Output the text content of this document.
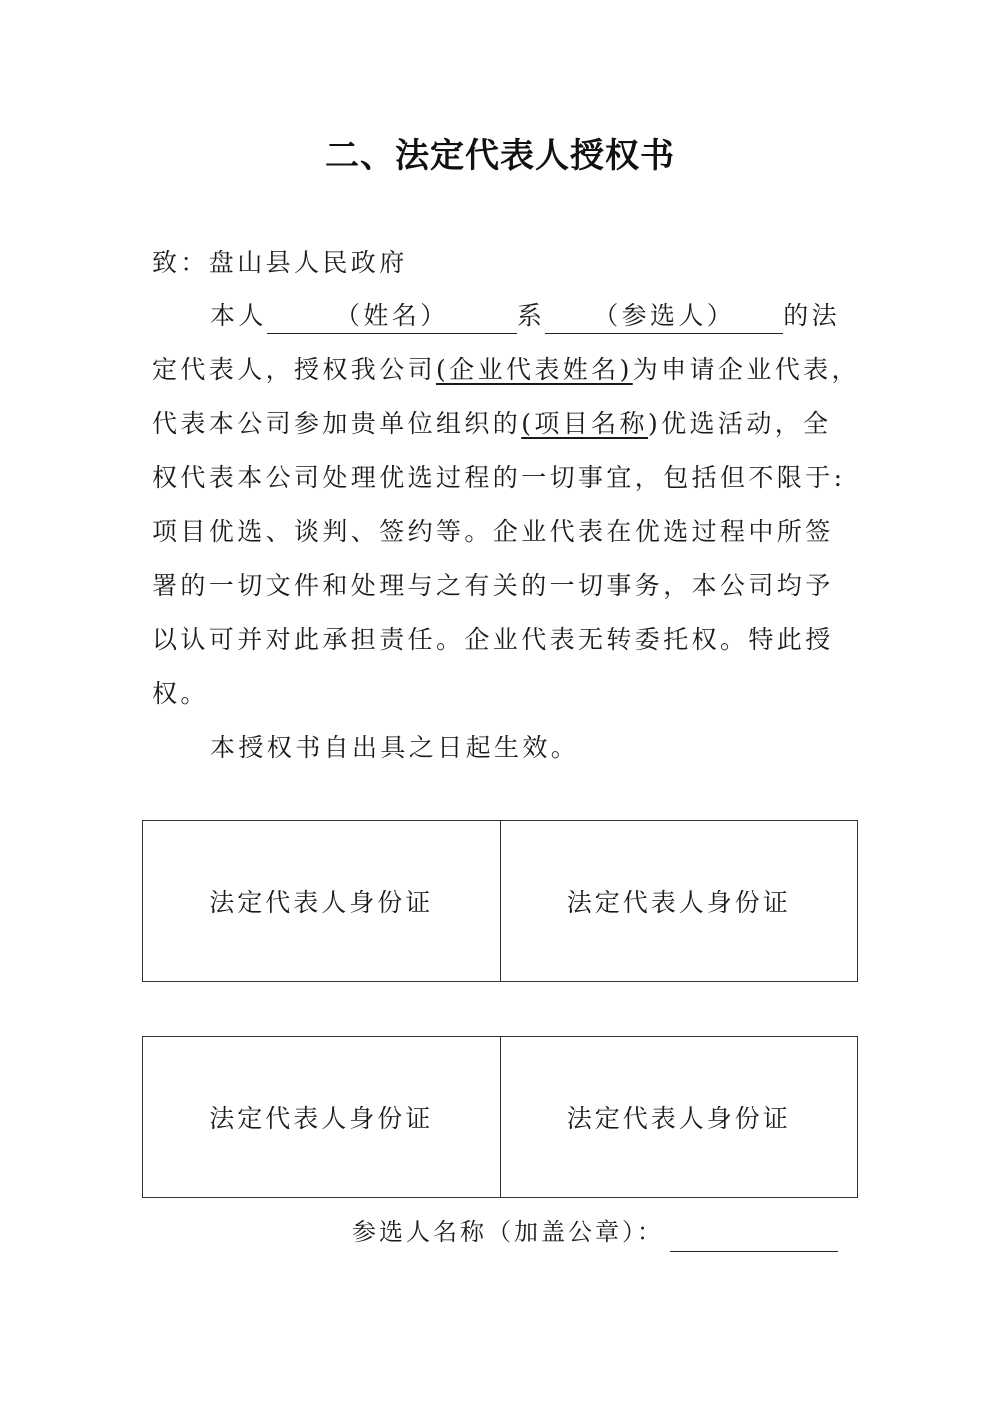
二、法定代表人授权书
致：盘山县人民政府
本人	（姓名）	系 （参选人） 的法
定代表人，授权我公司(企业代表姓名)为申请企业代表，
代表本公司参加贵单位组织的(项目名称)优选活动，全
权代表本公司处理优选过程的一切事宜，包括但不限于:
项目优选、谈判、签约等。企业代表在优选过程中所签
署的一切文件和处理与之有关的一切事务，本公司均予
以认可并对此承担责任。企业代表无转委托权。特此授
权。
本授权书自出具之日起生效。
法定代表人身份证	法定代表人身份证
法定代表人身份证	法定代表人身份证
参选人名称（加盖公章）：
